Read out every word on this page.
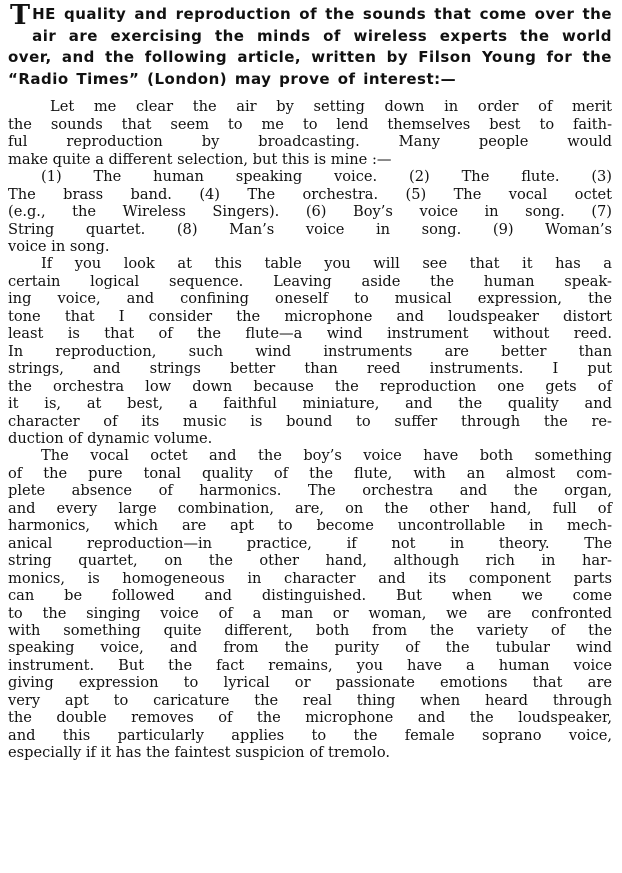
T HE quality and reproduction of the sounds that come over the air are exercising the minds of wireless experts the world over, and the following article, written by Filson Young for the “Radio Times” (London) may prove of interest:—

Let me clear the air by setting down in order of merit
the sounds that seem to me to lend themselves best to faith-
ful reproduction by broadcasting. Many people would
make quite a different selection, but this is mine :—

(1) The human speaking voice. (2) The flute. (3)
The brass band. (4) The orchestra. (5) The vocal octet
(e.g., the Wireless Singers). (6) Boy’s voice in song. (7)
String quartet. (8) Man’s voice in song. (9) Woman’s
voice in song.

If you look at this table you will see that it has a
certain logical sequence. Leaving aside the human speak-
ing voice, and confining oneself to musical expression, the
tone that I consider the microphone and loudspeaker distort
least is that of the flute—a wind instrument without reed.
In reproduction, such wind instruments are better than
strings, and strings better than reed instruments. I put
the orchestra low down because the reproduction one gets of
it is, at best, a faithful miniature, and the quality and
character of its music is bound to suffer through the re-
duction of dynamic volume.

The vocal octet and the boy’s voice have both something
of the pure tonal quality of the flute, with an almost com-
plete absence of harmonics. The orchestra and the organ,
and every large combination, are, on the other hand, full of
harmonics, which are apt to become uncontrollable in mech-
anical reproduction—in practice, if not in theory. The
string quartet, on the other hand, although rich in har-
monics, is homogeneous in character and its component parts
can be followed and distinguished. But when we come
to the singing voice of a man or woman, we are confronted
with something quite different, both from the variety of the
speaking voice, and from the purity of the tubular wind
instrument. But the fact remains, you have a human voice
giving expression to lyrical or passionate emotions that are
very apt to caricature the real thing when heard through
the double removes of the microphone and the loudspeaker,
and this particularly applies to the female soprano voice,
especially if it has the faintest suspicion of tremolo.
